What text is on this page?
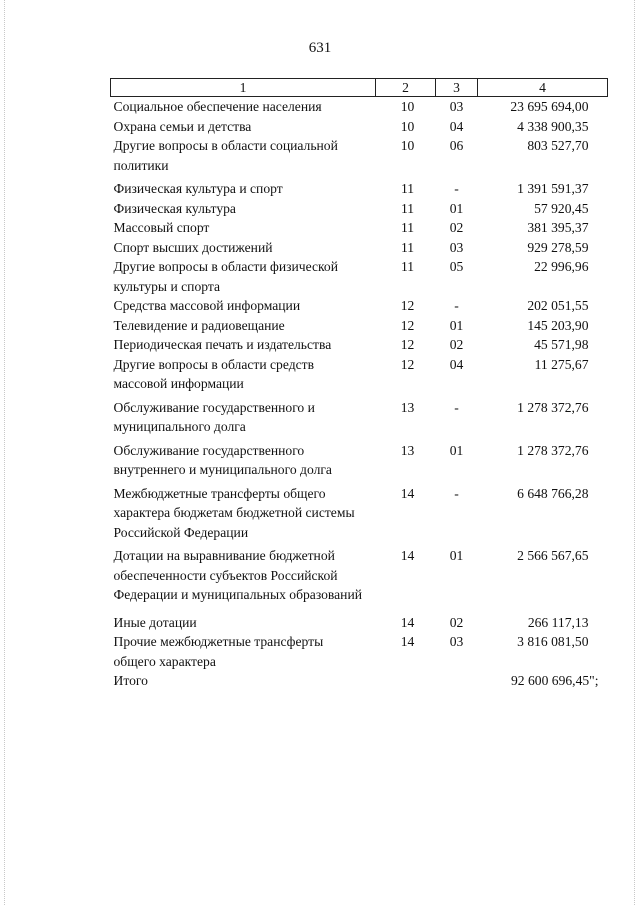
631
1	2	3	4
Социальное обеспечение населения	10	03	23 695 694,00
Охрана семьи и детства	10	04	4 338 900,35
Другие вопросы в области социальной политики	10	06	803 527,70
Физическая культура и спорт	11	-	1 391 591,37
Физическая культура	11	01	57 920,45
Массовый спорт	11	02	381 395,37
Спорт высших достижений	11	03	929 278,59
Другие вопросы в области физической культуры и спорта	11	05	22 996,96
Средства массовой информации	12	-	202 051,55
Телевидение и радиовещание	12	01	145 203,90
Периодическая печать и издательства	12	02	45 571,98
Другие вопросы в области средств массовой информации	12	04	11 275,67
Обслуживание государственного и муниципального долга	13	-	1 278 372,76
Обслуживание государственного внутреннего и муниципального долга	13	01	1 278 372,76
Межбюджетные трансферты общего характера бюджетам бюджетной системы Российской Федерации	14	-	6 648 766,28
Дотации на выравнивание бюджетной обеспеченности субъектов Российской Федерации и муниципальных образований	14	01	2 566 567,65
Иные дотации	14	02	266 117,13
Прочие межбюджетные трансферты общего характера	14	03	3 816 081,50
Итого			92 600 696,45";
